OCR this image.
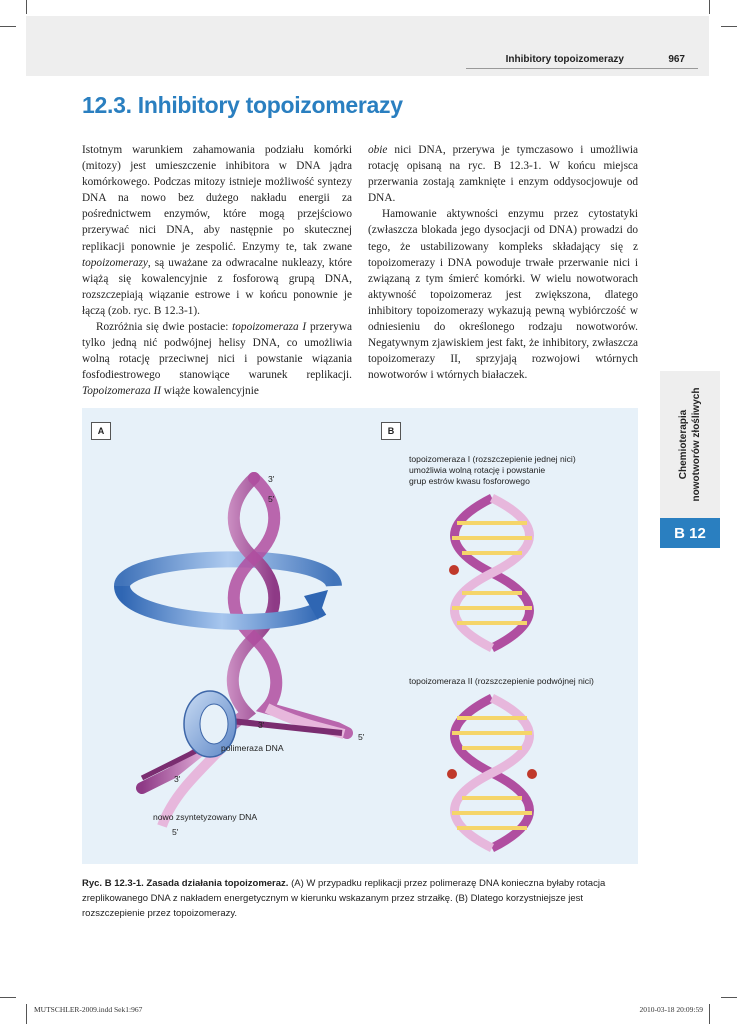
Inhibitory topoizomerazy	967
12.3. Inhibitory topoizomerazy

Istotnym warunkiem zahamowania podziału komórki (mitozy) jest umieszczenie inhibitora w DNA jądra komórkowego. Podczas mitozy istnieje możliwość syntezy DNA na nowo bez dużego nakładu energii za pośrednictwem enzymów, które mogą przejściowo przerywać nici DNA, aby następnie po skutecznej replikacji ponownie je zespolić. Enzymy te, tak zwane topoizomerazy, są uważane za odwracalne nukleazy, które wiążą się kowalencyjnie z fosforową grupą DNA, rozszczepiają wiązanie estrowe i w końcu ponownie je łączą (zob. ryc. B 12.3-1).

Rozróżnia się dwie postacie: topoizomeraza I przerywa tylko jedną nić podwójnej helisy DNA, co umożliwia wolną rotację przeciwnej nici i powstanie wiązania fosfodiestrowego stanowiące warunek replikacji. Topoizomeraza II wiąże kowalencyjnie

obie nici DNA, przerywa je tymczasowo i umożliwia rotację opisaną na ryc. B 12.3-1. W końcu miejsca przerwania zostają zamknięte i enzym oddysocjowuje od DNA.

Hamowanie aktywności enzymu przez cytostatyki (zwłaszcza blokada jego dysocjacji od DNA) prowadzi do tego, że ustabilizowany kompleks składający się z topoizomerazy i DNA powoduje trwałe przerwanie nici i związaną z tym śmierć komórki. W wielu nowotworach aktywność topoizomeraz jest zwiększona, dlatego inhibitory topoizomerazy wykazują pewną wybiórczość w odniesieniu do określonego rodzaju nowotworów. Negatywnym zjawiskiem jest fakt, że inhibitory, zwłaszcza topoizomerazy II, sprzyjają rozwojowi wtórnych nowotworów i wtórnych białaczek.

Chemioterapia nowotworów złośliwych
B 12
A	B
3'
5'
3'
5'
polimeraza DNA
3'
nowo zsyntetyzowany DNA
5'
topoizomeraza I (rozszczepienie jednej nici)
umożliwia wolną rotację i powstanie
grup estrów kwasu fosforowego
topoizomeraza II (rozszczepienie podwójnej nici)
Ryc. B 12.3-1. Zasada działania topoizomeraz. (A) W przypadku replikacji przez polimerazę DNA konieczna byłaby rotacja zreplikowanego DNA z nakładem energetycznym w kierunku wskazanym przez strzałkę. (B) Dlatego korzystniejsze jest rozszczepienie przez topoizomerazy.
MUTSCHLER-2009.indd Sek1:967	2010-03-18 20:09:59
